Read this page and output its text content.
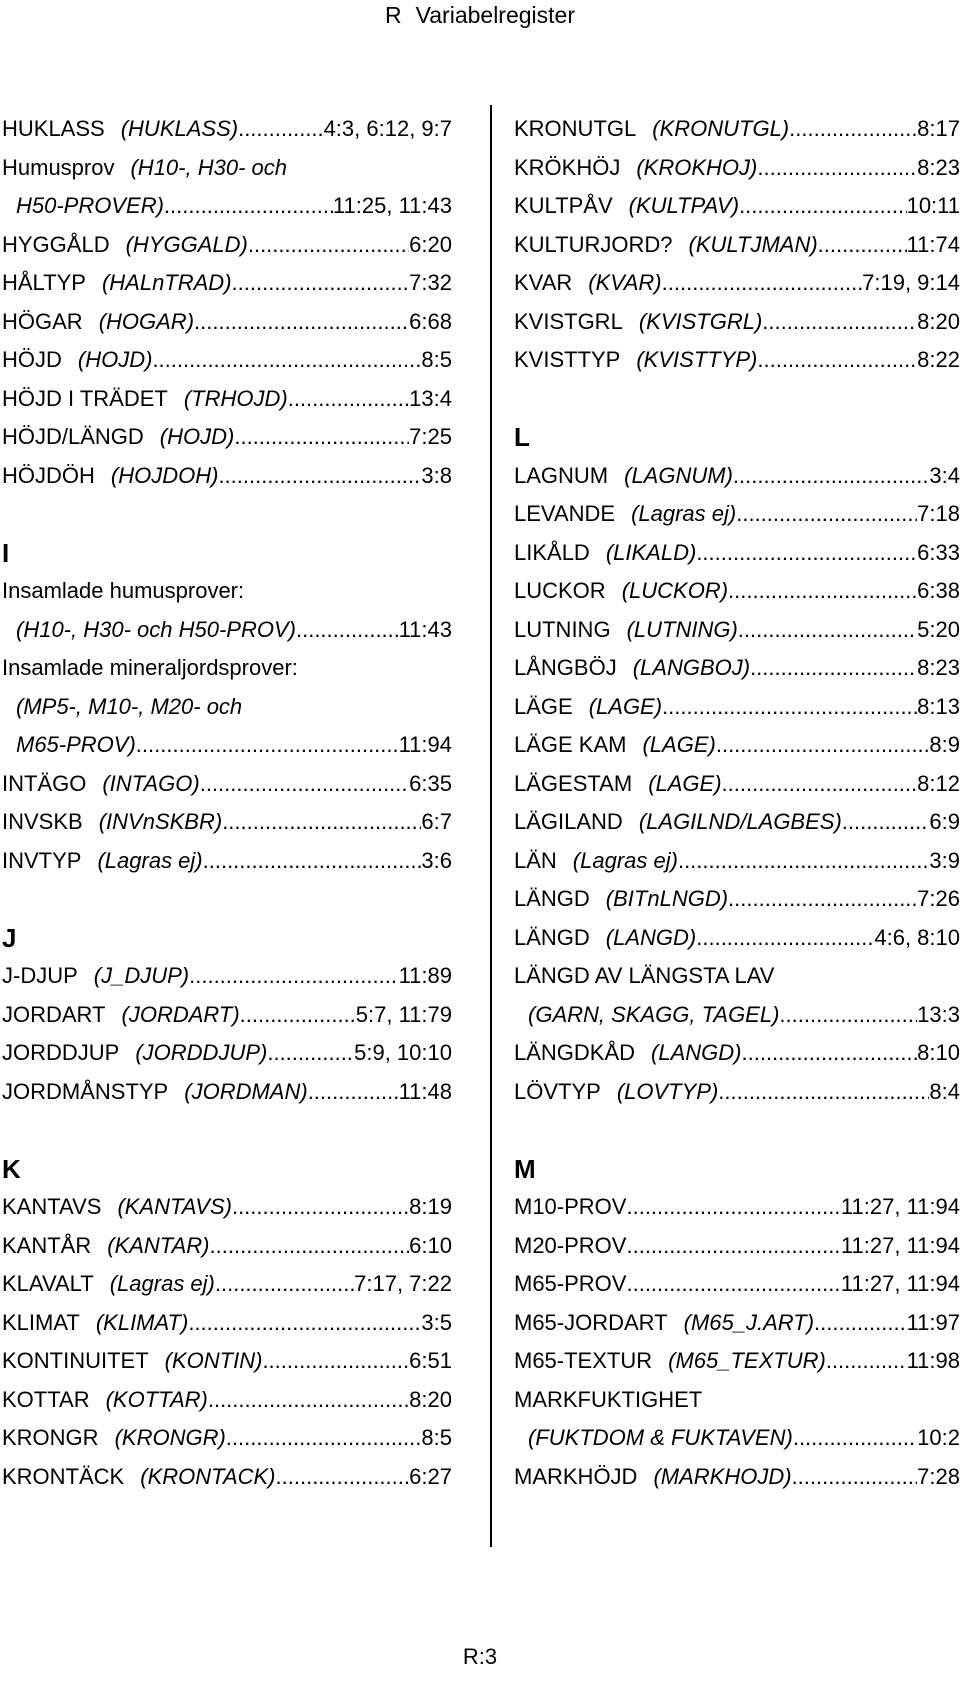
R Variabelregister
HUKLASS (HUKLASS) .....	4:3, 6:12, 9:7
Humusprov (H10-, H30- och
H50-PROVER) .....	11:25, 11:43
HYGGÅLD (HYGGALD) .....	6:20
HÅLTYP (HALnTRAD) .....	7:32
HÖGAR (HOGAR) .....	6:68
HÖJD (HOJD) .....	8:5
HÖJD I TRÄDET (TRHOJD) .....	13:4
HÖJD/LÄNGD (HOJD) .....	7:25
HÖJDÖH (HOJDOH) .....	3:8
I
Insamlade humusprover:
(H10-, H30- och H50-PROV) .....	11:43
Insamlade mineraljordsprover:
(MP5-, M10-, M20- och
M65-PROV) .....	11:94
INTÄGO (INTAGO) .....	6:35
INVSKB (INVnSKBR) .....	6:7
INVTYP (Lagras ej) .....	3:6
J
J-DJUP (J_DJUP) .....	11:89
JORDART (JORDART) .....	5:7, 11:79
JORDDJUP (JORDDJUP) .....	5:9, 10:10
JORDMÅNSTYP (JORDMAN) .....	11:48
K
KANTAVS (KANTAVS) .....	8:19
KANTÅR (KANTAR) .....	6:10
KLAVALT (Lagras ej) .....	7:17, 7:22
KLIMAT (KLIMAT) .....	3:5
KONTINUITET (KONTIN) .....	6:51
KOTTAR (KOTTAR) .....	8:20
KRONGR (KRONGR) .....	8:5
KRONTÄCK (KRONTACK) .....	6:27
KRONUTGL (KRONUTGL) .....	8:17
KRÖKHÖJ (KROKHOJ) .....	8:23
KULTPÅV (KULTPAV) .....	10:11
KULTURJORD? (KULTJMAN) .....	11:74
KVAR (KVAR) .....	7:19, 9:14
KVISTGRL (KVISTGRL) .....	8:20
KVISTTYP (KVISTTYP) .....	8:22
L
LAGNUM (LAGNUM) .....	3:4
LEVANDE (Lagras ej) .....	7:18
LIKÅLD (LIKALD) .....	6:33
LUCKOR (LUCKOR) .....	6:38
LUTNING (LUTNING) .....	5:20
LÅNGBÖJ (LANGBOJ) .....	8:23
LÄGE (LAGE) .....	8:13
LÄGE KAM (LAGE) .....	8:9
LÄGESTAM (LAGE) .....	8:12
LÄGILAND (LAGILND/LAGBES) .....	6:9
LÄN (Lagras ej) .....	3:9
LÄNGD (BITnLNGD) .....	7:26
LÄNGD (LANGD) .....	4:6, 8:10
LÄNGD AV LÄNGSTA LAV
(GARN, SKAGG, TAGEL) .....	13:3
LÄNGDKÅD (LANGD) .....	8:10
LÖVTYP (LOVTYP) .....	8:4
M
M10-PROV .....	11:27, 11:94
M20-PROV .....	11:27, 11:94
M65-PROV .....	11:27, 11:94
M65-JORDART (M65_J.ART) .....	11:97
M65-TEXTUR (M65_TEXTUR) .....	11:98
MARKFUKTIGHET
(FUKTDOM & FUKTAVEN) .....	10:2
MARKHÖJD (MARKHOJD) .....	7:28
R:3
